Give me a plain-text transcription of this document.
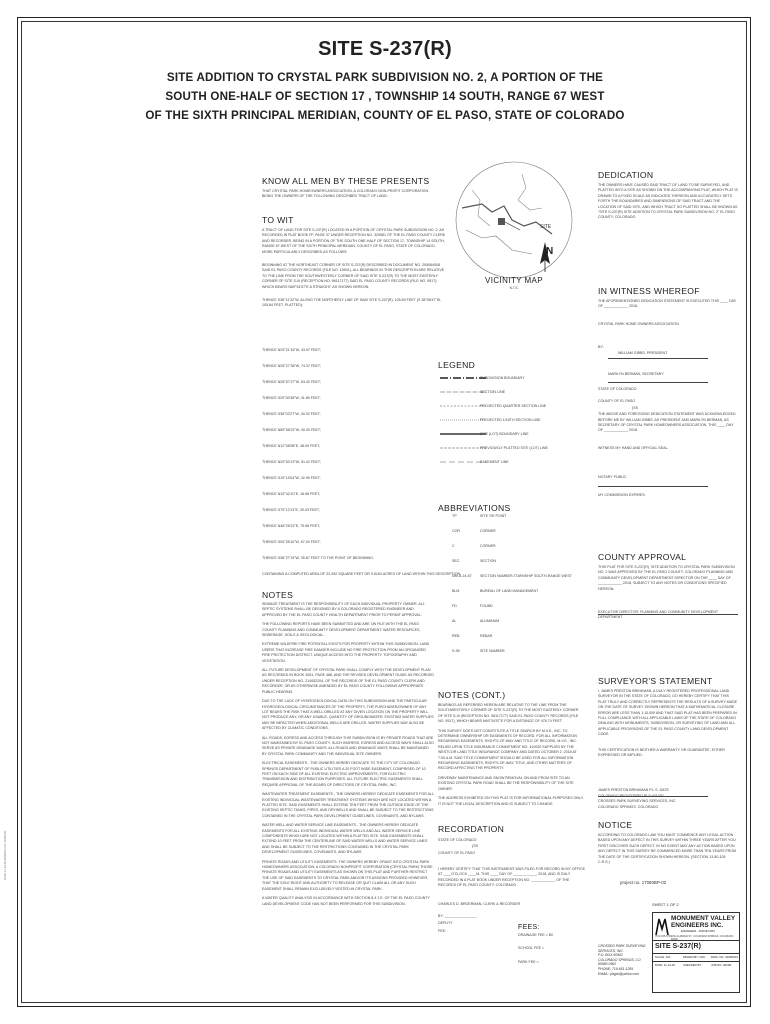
SITE S-237(R)
SITE ADDITION TO CRYSTAL PARK SUBDIVISION NO. 2, A PORTION OF THE
SOUTH ONE-HALF OF SECTION 17 , TOWNSHIP 14 SOUTH, RANGE 67 WEST
OF THE SIXTH PRINCIPAL MERIDIAN, COUNTY OF EL PASO, STATE OF COLORADO
KNOW ALL MEN BY THESE PRESENTS
THAT CRYSTAL PARK HOMEOWNERS ASSOCIATION, A COLORADO NON-PROFIT CORPORATION, BEING THE OWNERS OF THE FOLLOWING DESCRIBED TRACT OF LAND:
TO WIT
A TRACT OF LAND FOR SITE S-237(R) LOCATED IN A PORTION OF CRYSTAL PARK SUBDIVISION NO. 2, AS RECORDED IN PLAT BOOK FF, PAGE 37 UNDER RECEPTION NO. 329581 OF THE EL PASO COUNTY CLERK AND RECORDER, BEING IN A PORTION OF THE SOUTH ONE-HALF OF SECTION 17, TOWNSHIP 14 SOUTH, RANGE 67 WEST OF THE SIXTH PRINCIPAL MERIDIAN, COUNTY OF EL PASO, STATE OF COLORADO, MORE PARTICULARLY DESCRIBED AS FOLLOWS:
BEGINNING AT THE NORTHEAST CORNER OF SITE S-237(R) DESCRIBED IN DOCUMENT NO. 205064008 SAID EL PASO COUNTY RECORDS (FILE NO. 15591), ALL BEARINGS IN THIS DESCRIPTION ARE RELATIVE TO THE LINE FROM THE SOUTHWESTERLY CORNER OF SAID SITE S-237(R) TO THE MOST EASTERLY CORNER OF SITE S-III (RECEPTION NO. 98117177) SAID EL PASO COUNTY RECORDS (FILE NO. 9517), WHICH BEARS N69°34'57"E A STRAIGHT, AS SHOWN HEREON;
THENCE S38°11'32"W, ALONG THE NORTHERLY LINE OF SAID SITE S-237(R), 105.69 FEET (S 38°08'47"W, 105.84 FEET, PLATTED);
THENCE N29°21'16"W, 43.97 FEET;
THENCE N25°27'38"W, 74.37 FEET;
THENCE N28°57'27"W, 63.42 FEET;
THENCE S29°00'38"W, 41.89 FEET;
THENCE S38°02'27"W, 40.02 FEET;
THENCE N89°58'22"W, 40.00 FEET;
THENCE N12°08'58"E, 48.09 FEET;
THENCE N29°53'19"W, 51.42 FEET;
THENCE S19°15'04"W, 42.95 FEET;
THENCE N19°42'10"E, 16.68 FEET;
THENCE S79°12'13"E, 30.03 FEET;
THENCE N48°25'22"E, 79.68 FEET;
THENCE S04°26'10"W, 67.00 FEET;
THENCE S38°27'19"W, 35.67 FEET TO THE POINT OF BEGINNING.
CONTAINING A COMPUTED AREA OF 22,492 SQUARE FEET OR 0.5163 ACRES OF LAND WITHIN THIS DESCRIPTION.
NOTES
SEWAGE TREATMENT IS THE RESPONSIBILITY OF EACH INDIVIDUAL PROPERTY OWNER. ALL SEPTIC SYSTEMS SHALL BE DESIGNED BY A COLORADO REGISTERED ENGINEER AND APPROVED BY THE EL PASO COUNTY HEALTH DEPARTMENT PRIOR TO PERMIT APPROVAL.
THE FOLLOWING REPORTS HAVE BEEN SUBMITTED AND ARE ON FILE WITH THE EL PASO COUNTY PLANNING AND COMMUNITY DEVELOPMENT DEPARTMENT: WATER RESOURCES, SEWERAGE, SOILS & GEOLOGICAL.
EXTREME WILDFIRE FIRE POTENTIAL EXISTS FOR PROPERTY WITHIN THIS SUBDIVISION. LAND USERS THAT INCREASE FIRE DANGER INCLUDE NO FIRE PROTECTION FROM AN ORGANIZED FIRE PROTECTION DISTRICT, UNIQUE ACCESS INTO THE PROPERTY, TOPOGRAPHY AND VEGETATION.
ALL FUTURE DEVELOPMENT OF CRYSTAL PARK SHALL COMPLY WITH THE DEVELOPMENT PLAN AS RECORDED IN BOOK 3051, PAGE 486, AND THE REVISED DEVELOPMENT GUIDE AS RECORDED UNDER RECEPTION NO. 214052204, OF THE RECORDS OF THE EL PASO COUNTY CLERK AND RECORDER, OR AS OTHERWISE AMENDED BY EL PASO COUNTY FOLLOWING APPROPRIATE PUBLIC HEARING.
DUE TO THE LACK OF HYDROGEOLOGICAL DATA ON THIS SUBDIVISION AND THE PARTICULAR HYDROGEOLOGICAL CIRCUMSTANCES OF THE PROPERTY, THE PURCHASER/OWNER OF ANY LOT BEARS THE RISK THAT A WELL DRILLED AT ANY GIVEN LOCATION ON THE PROPERTY WILL NOT PRODUCE ANY, OR ANY USABLE, QUANTITY OF GROUNDWATER. EXISTING WATER SUPPLIES MAY BE IMPACTED WHEN ADDITIONAL WELLS ARE DRILLED. WATER SUPPLIES MAY ALSO BE AFFECTED BY CLIMATIC CONDITIONS.
ALL ROADS, EGRESS AND ACCESS THROUGH THIS SUBDIVISION IS BY PRIVATE ROADS THAT ARE NOT MAINTAINED BY EL PASO COUNTY. SUCH INGRESS, EGRESS AND ACCESS WAYS SHALL ALSO SERVE AS PRIVATE DRAINAGE WAYS. ALL ROADS AND DRAINAGE WAYS SHALL BE MAINTAINED BY CRYSTAL PARK COMMUNITY AND THE INDIVIDUAL SITE OWNERS.
ELECTRICAL EASEMENTS - THE OWNERS HEREBY DEDICATE TO THE CITY OF COLORADO SPRINGS DEPARTMENT OF PUBLIC UTILITIES A 20 FOOT WIDE EASEMENT, COMPRISED OF 10 FEET ON EACH SIDE OF ALL EXISTING ELECTRIC IMPROVEMENTS, FOR ELECTRIC TRANSMISSION AND DISTRIBUTION PURPOSES. ALL FUTURE ELECTRIC EASEMENTS SHALL REQUIRE APPROVAL OF THE BOARD OF DIRECTORS OF CRYSTAL PARK, INC.
WASTEWATER TREATMENT EASEMENTS - THE OWNERS HEREBY DEDICATE EASEMENTS FOR ALL EXISTING INDIVIDUAL WASTEWATER TREATMENT SYSTEMS WHICH ARE NOT LOCATED WITHIN A PLATTED SITE. SAID EASEMENTS SHALL EXTEND TEN FEET FROM THE OUTSIDE EDGE OF THE EXISTING SEPTIC TANKS, PIPES, AND DRYWELLS AND SHALL BE SUBJECT TO THE RESTRICTIONS CONTAINED IN THE CRYSTAL PARK DEVELOPMENT GUIDELINES, COVENANTS, AND BYLAWS.
WATER WELL AND WATER SERVICE LINE EASEMENTS - THE OWNERS HEREBY DEDICATE EASEMENTS FOR ALL EXISTING INDIVIDUAL WATER WELLS AND ALL WATER SERVICE LINE COMPONENTS WHICH ARE NOT LOCATED WITHIN A PLATTED SITE. SAID EASEMENTS SHALL EXTEND 10 FEET FROM THE CENTERLINE OF SAID WATER WELLS AND WATER SERVICE LINES AND SHALL BE SUBJECT TO THE RESTRICTIONS CONTAINED IN THE CRYSTAL PARK DEVELOPMENT GUIDELINES, COVENANTS, AND BYLAWS.
PRIVATE ROADS AND UTILITY EASEMENTS. THE OWNERS HEREBY GRANT INTO CRYSTAL PARK HOMEOWNERS ASSOCIATION, A COLORADO NONPROFIT CORPORATION (CRYSTAL PARK) THOSE PRIVATE ROADS AND UTILITY EASEMENTS AS SHOWN ON THIS PLAT AND FURTHER RESTRICT THE USE OF SAID EASEMENTS TO CRYSTAL PARK AND/OR ITS ASSIGNS PROVIDED HOWEVER, THAT THE SOLE RIGHT AND AUTHORITY TO RELEASE OR QUIT CLAIM ALL OR ANY SUCH EASEMENT SHALL REMAIN EXCLUSIVELY VESTED IN CRYSTAL PARK.
A WATER QUALITY ANALYSIS IN ACCORDANCE WITH SECTION 8.4.7.E. OF THE EL PASO COUNTY LAND DEVELOPMENT CODE HAS NOT BEEN PERFORMED FOR THIS SUBDIVISION.
SITE
VICINITY MAP
N.T.S.
N
LEGEND
SUBDIVISION BOUNDARY
SECTION LINE
PROJECTED QUARTER SECTION LINE
PROJECTED 1/16TH SECTION LINE
SITE (LOT) BOUNDARY LINE
PREVIOUSLY PLATTED SITE (LOT) LINE
EASEMENT LINE
ABBREVIATIONS
TP	SITE TIE POINT
COR.	CORNER
C	CORNER
SEC.	SECTION
Sec.8-14-67 SECTION NUMBER-TOWNSHIP SOUTH-RANGE WEST
BLM	BUREAU OF LAND MANAGEMENT
FD	FOUND
AL	ALUMINUM
REB	REBAR
S-95	SITE NUMBER
NOTES (CONT.)
BEARINGS AS REFERRED HEREIN ARE RELATIVE TO THE LINE FROM THE SOUTHWESTERLY CORNER OF SITE S-237(R) TO THE MOST EASTERLY CORNER OF SITE S-III (RECEPTION NO. 98117177) SAID EL PASO COUNTY RECORDS (FILE NO. 9517), WHICH BEARS N69°34'57"E FOR A DISTANCE OF 478.74 FEET.
THIS SURVEY DOES NOT CONSTITUTE A TITLE SEARCH BY M.V.E., INC. TO DETERMINE OWNERSHIP OR EASEMENTS OF RECORD. FOR ALL INFORMATION REGARDING EASEMENTS, RIGHTS-OF-WAY AND TITLE OF RECORD, M.V.E., INC. RELIED UPON TITLE INSURANCE COMMITMENT NO. 410020 SUPPLIED BY THE WESTCOR LAND TITLE INSURANCE COMPANY AND DATED OCTOBER 2, 2018 AT 7:00 A.M. SAID TITLE COMMITMENT SHOULD BE USED FOR ALL INFORMATION REGARDING EASEMENTS, RIGHTS-OF-WAY, TITLE, AND OTHER MATTERS OF RECORD AFFECTING THE PROPERTY.
DRIVEWAY MAINTENANCE AND SNOW REMOVAL ON AND FROM SITE TO AN EXISTING CRYSTAL PARK ROAD SHALL BE THE RESPONSIBILITY OF THE SITE OWNER.
THE ADDRESS EXHIBITED ON THIS PLAT IS FOR INFORMATIONAL PURPOSES ONLY. IT IS NOT THE LEGAL DESCRIPTION AND IS SUBJECT TO CHANGE.
RECORDATION
STATE OF COLORADO
)SS
COUNTY OF EL PASO
I HEREBY CERTIFY THAT THIS INSTRUMENT WAS FILED FOR RECORD IN MY OFFICE AT ____O'CLOCK ____M, THIS ____ DAY OF ____________ 2018, AND IS DULY RECORDED IN A PLAT BOOK UNDER RECEPTION NO. ____________ OF THE RECORDS OF EL PASO COUNTY, COLORADO.
CHARLES D. BROERMAN, CLERK & RECORDER
BY: ________________
DEPUTY
FEE:	FEES:
DRAINAGE FEE = $0
SCHOOL FEE =
PARK FEE =
DEDICATION
THE OWNERS HAVE CAUSED SAID TRACT OF LAND TO BE SURVEYED, AND PLATTED INTO A SITE AS SHOWN ON THE ACCOMPANYING PLAT, WHICH PLAT IS DRAWN TO A FIXED SCALE AS INDICATED THEREON AND ACCURATELY SETS FORTH THE BOUNDARIES AND DIMENSIONS OF SAID TRACT AND THE LOCATION OF SAID SITE, AND WHICH TRACT SO PLATTED SHALL BE KNOWN AS "SITE S-237(R) SITE ADDITION TO CRYSTAL PARK SUBDIVISION NO. 2" EL PASO COUNTY, COLORADO.
IN WITNESS WHEREOF
THE AFOREMENTIONED DEDICATION STATEMENT IS EXECUTED THIS ____ DAY OF ____________ 2018.
CRYSTAL PARK HOME OWNERS ASSOCIATION
BY:
WILLIAM GIBBS, PRESIDENT
MARILYN BERMAN, SECRETARY
STATE OF COLORADO
)SS
COUNTY OF EL PASO
THE ABOVE AND FOREGOING DEDICATION STATEMENT WAS ACKNOWLEDGED BEFORE ME BY WILLIAM GIBBS, AS PRESIDENT AND MARILYN BERMAN, AS SECRETARY OF CRYSTAL PARK HOMEOWNERS ASSOCIATION, THIS ____ DAY OF ____________ 2018.
WITNESS MY HAND AND OFFICIAL SEAL.
NOTARY PUBLIC
MY COMMISSION EXPIRES:
COUNTY APPROVAL
THIS PLAT FOR SITE S-237(R), SITE ADDITION TO CRYSTAL PARK SUBDIVISION NO. 2 WAS APPROVED BY THE EL PASO COUNTY, COLORADO PLANNING AND COMMUNITY DEVELOPMENT DEPARTMENT DIRECTOR ON THE ____ DAY OF ____________ 2018, SUBJECT TO ANY NOTES OR CONDITIONS SPECIFIED HEREON.
EXECUTIVE DIRECTOR, PLANNING AND COMMUNITY DEVELOPMENT DEPARTMENT
SURVEYOR'S STATEMENT
I, JAMES PRESTON BRINKMAN, A DULY REGISTERED PROFESSIONAL LAND SURVEYOR IN THE STATE OF COLORADO, DO HEREBY CERTIFY THAT THIS PLAT TRULY AND CORRECTLY REPRESENTS THE RESULTS OF A SURVEY MADE ON THE DATE OF SURVEY SHOWN HEREON THAT A MATHEMATICAL CLOSURE ERROR ARE LESS THAN 1:10,000 AND THAT SAID PLAT HAS BEEN PREPARED IN FULL COMPLIANCE WITH ALL APPLICABLE LAWS OF THE STATE OF COLORADO DEALING WITH MONUMENTS, SUBDIVISION, OR SURVEYING OF LAND AND ALL APPLICABLE PROVISIONS OF THE EL PASO COUNTY LAND DEVELOPMENT CODE.
THIS CERTIFICATION IS NEITHER A WARRANTY OR GUARANTEE, EITHER EXPRESSED OR IMPLIED.
JAMES PRESTON BRINKMAN P.L.S. DATE
COLORADO REGISTERED PLS #31057
CROSSES PARK SURVEYING SERVICES, INC.
COLORADO SPRINGS, COLORADO
NOTICE
ACCORDING TO COLORADO LAW YOU MUST COMMENCE ANY LEGAL ACTION BASED UPON ANY DEFECT IN THIS SURVEY WITHIN THREE YEARS AFTER YOU FIRST DISCOVER SUCH DEFECT. IN NO EVENT MAY ANY ACTION BASED UPON ANY DEFECT IN THIS SURVEY BE COMMENCED MORE THAN TEN YEARS FROM THE DATE OF THE CERTIFICATION SHOWN HEREON. (SECTION 13-80-105 C.R.S.)
project no. 17060BP-02
SHEET 1 OF 2
MONUMENT VALLEY
ENGINEERS INC.
ENGINEERS · SURVEYORS
1811 ALABAMA ST., COLORADO SPRINGS, COLORADO 80906
(719) 635-5736
SITE S-237(R)
SCALE: N/A	DRAWN BY: CDC DWG. NO. 4023R031
DATE: 11-14-18	CHECKED BY:	JOB NO. 4021B
CROSSED PARK SURVEYING SERVICES, INC.
P.O. BOX 60962
COLORADO SPRINGS, CO 80960-0962
PHONE: 719-651-1289
EMAIL: plsjpb@yahoo.com
DATE: 11-14-18 DRAWING NO. 4023R031
